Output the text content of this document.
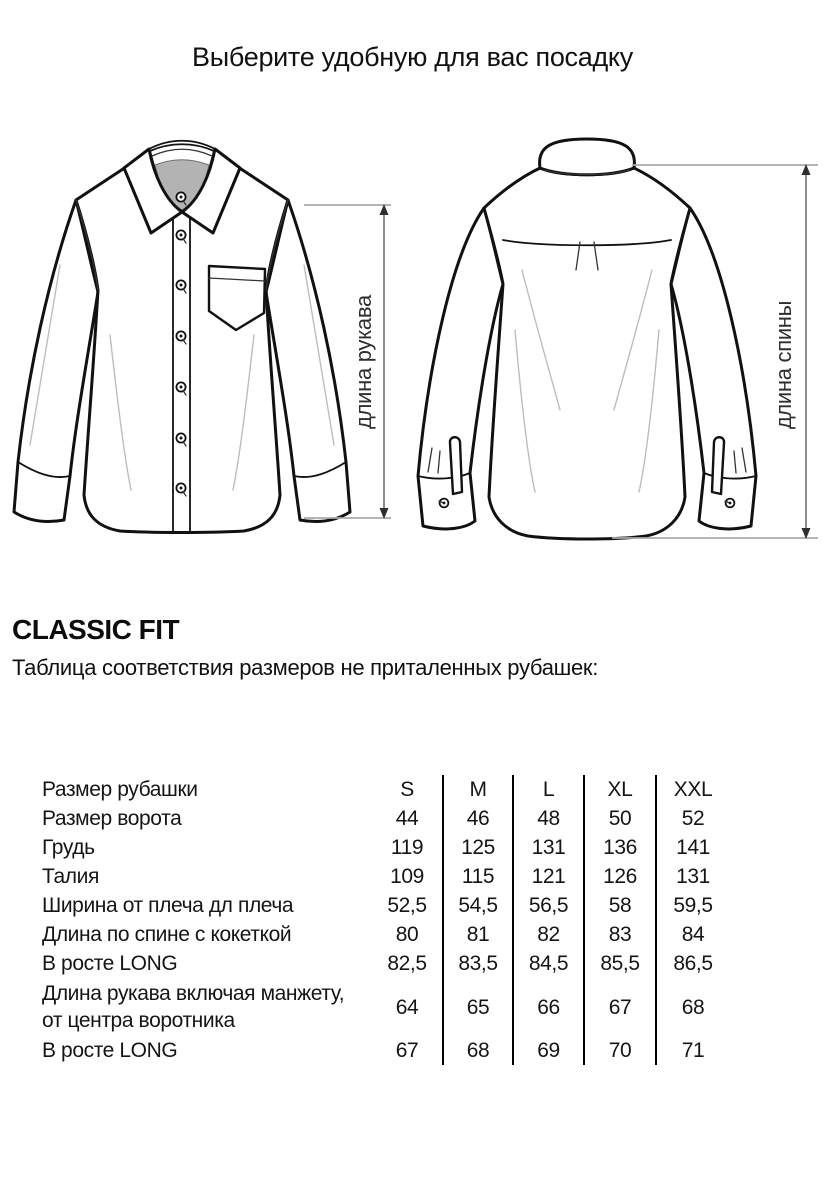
Выберите удобную для вас посадку
длина рукава	длина спины
CLASSIC FIT
Таблица соответствия размеров не приталенных рубашек:
Размер рубашки	S	M	L	XL	XXL
Размер ворота	44	46	48	50	52
Грудь	119	125	131	136	141
Талия	109	115	121	126	131
Ширина от плеча дл плеча	52,5	54,5	56,5	58	59,5
Длина по спине с кокеткой	80	81	82	83	84
В росте LONG	82,5	83,5	84,5	85,5	86,5
Длина рукава включая манжету,
от центра воротника
64	65	66	67	68
В росте LONG	67	68	69	70	71
